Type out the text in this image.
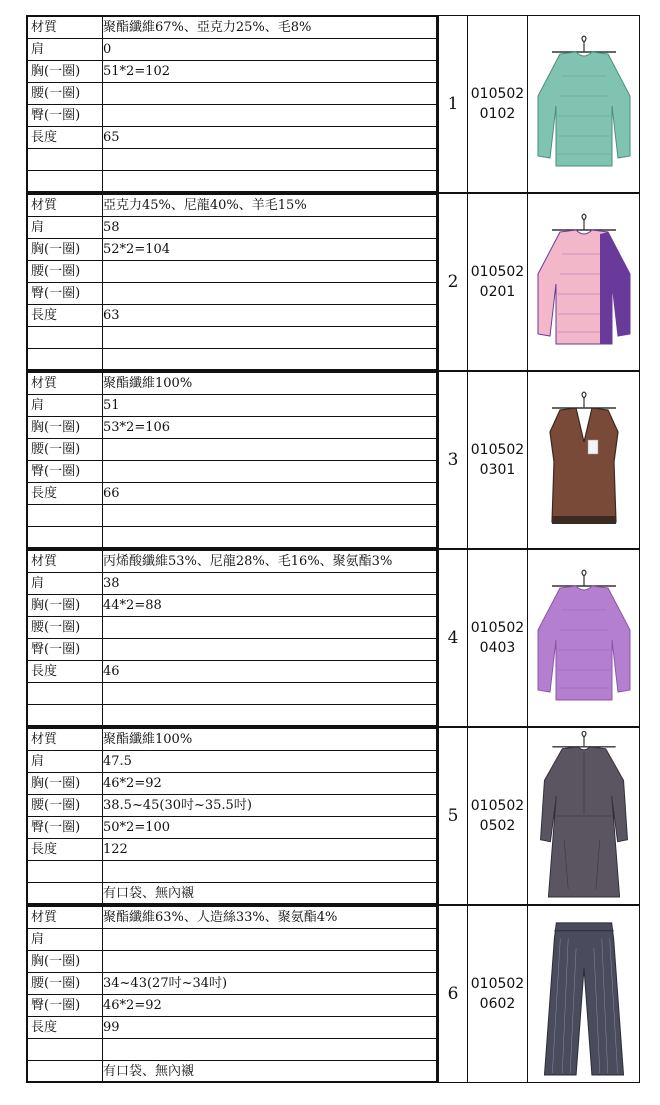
材質	聚酯纖維67%、亞克力25%、毛8%
肩	0
胸(一圈)	51*2=102
腰(一圈)
臀(一圈)
長度	65
1 010502
0102
材質	亞克力45%、尼龍40%、羊毛15%
肩	58
胸(一圈)	52*2=104
腰(一圈)
臀(一圈)
長度	63
2 010502
0201
材質	聚酯纖維100%
肩	51
胸(一圈)	53*2=106
腰(一圈)
臀(一圈)
長度	66
3 010502
0301
材質	丙烯酸纖維53%、尼龍28%、毛16%、聚氨酯3%
肩	38
胸(一圈)	44*2=88
腰(一圈)
臀(一圈)
長度	46
4 010502
0403
材質	聚酯纖維100%
肩	47.5
胸(一圈)	46*2=92
腰(一圈)	38.5~45(30吋~35.5吋)
臀(一圈)	50*2=100
長度	122
有口袋、無內襯
5 010502
0502
材質	聚酯纖維63%、人造絲33%、聚氨酯4%
肩
胸(一圈)
腰(一圈)	34~43(27吋~34吋)
臀(一圈)	46*2=92
長度	99
有口袋、無內襯
6 010502
0602
